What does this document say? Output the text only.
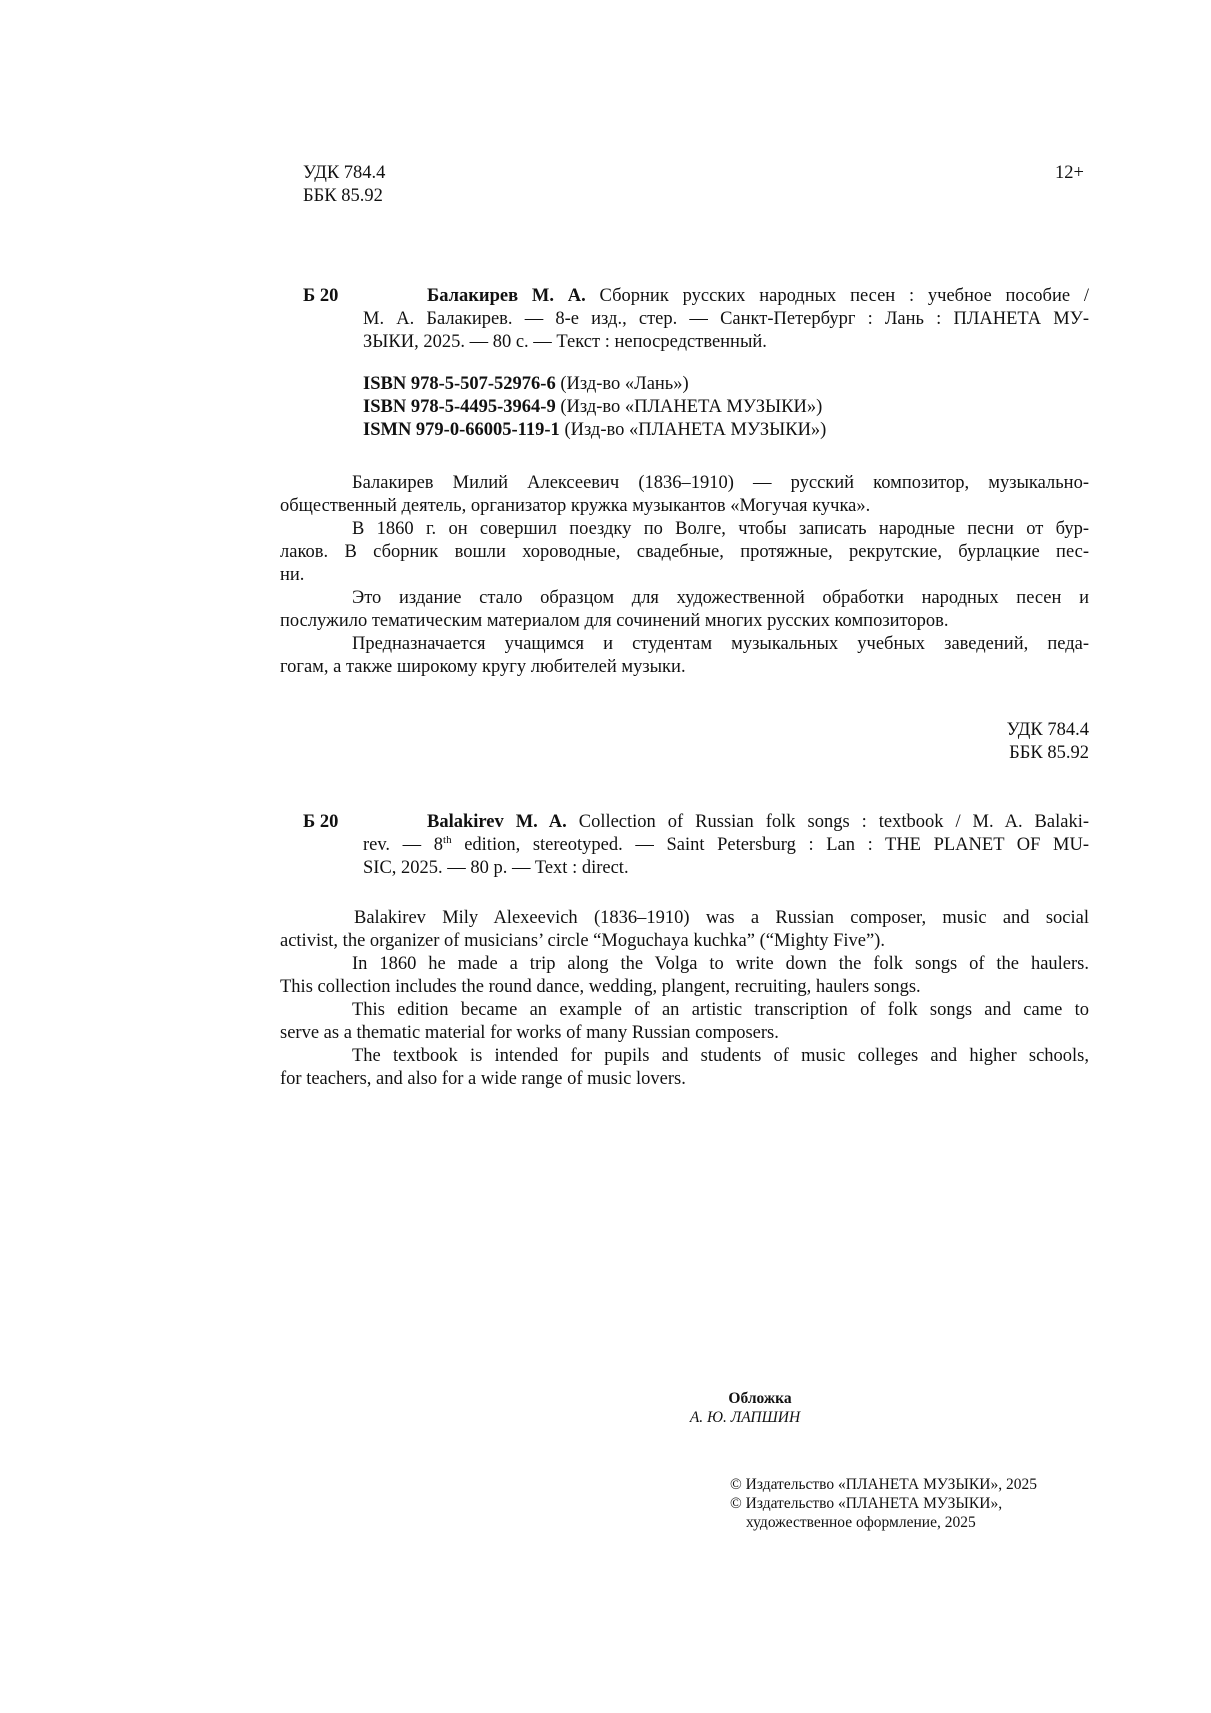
УДК 784.4
ББК 85.92
12+
Б 20	Балакирев М. А. Сборник русских народных песен : учебное пособие /
М. А. Балакирев. — 8-е изд., стер. — Санкт-Петербург : Лань : ПЛАНЕТА МУ-
ЗЫКИ, 2025. — 80 с. — Текст : непосредственный.
ISBN 978-5-507-52976-6 (Изд-во «Лань»)
ISBN 978-5-4495-3964-9 (Изд-во «ПЛАНЕТА МУЗЫКИ»)
ISMN 979-0-66005-119-1 (Изд-во «ПЛАНЕТА МУЗЫКИ»)
Балакирев Милий Алексеевич (1836–1910) — русский композитор, музыкально-
общественный деятель, организатор кружка музыкантов «Могучая кучка».
В 1860 г. он совершил поездку по Волге, чтобы записать народные песни от бур-
лаков. В сборник вошли хороводные, свадебные, протяжные, рекрутские, бурлацкие пес-
ни.
Это издание стало образцом для художественной обработки народных песен и
послужило тематическим материалом для сочинений многих русских композиторов.
Предназначается учащимся и студентам музыкальных учебных заведений, педа-
гогам, а также широкому кругу любителей музыки.
УДК 784.4
ББК 85.92
Б 20	Balakirev M. A. Collection of Russian folk songs : textbook / M. A. Balaki-
rev. — 8th edition, stereotyped. — Saint Petersburg : Lan : THE PLANET OF MU-
SIC, 2025. — 80 p. — Text : direct.
Balakirev Mily Alexeevich (1836–1910) was a Russian composer, music and social
activist, the organizer of musicians’ circle “Moguchaya kuchka” (“Mighty Five”).
In 1860 he made a trip along the Volga to write down the folk songs of the haulers.
This collection includes the round dance, wedding, plangent, recruiting, haulers songs.
This edition became an example of an artistic transcription of folk songs and came to
serve as a thematic material for works of many Russian composers.
The textbook is intended for pupils and students of music colleges and higher schools,
for teachers, and also for a wide range of music lovers.
Обложка
А. Ю. ЛАПШИН
© Издательство «ПЛАНЕТА МУЗЫКИ», 2025
© Издательство «ПЛАНЕТА МУЗЫКИ»,
художественное оформление, 2025
